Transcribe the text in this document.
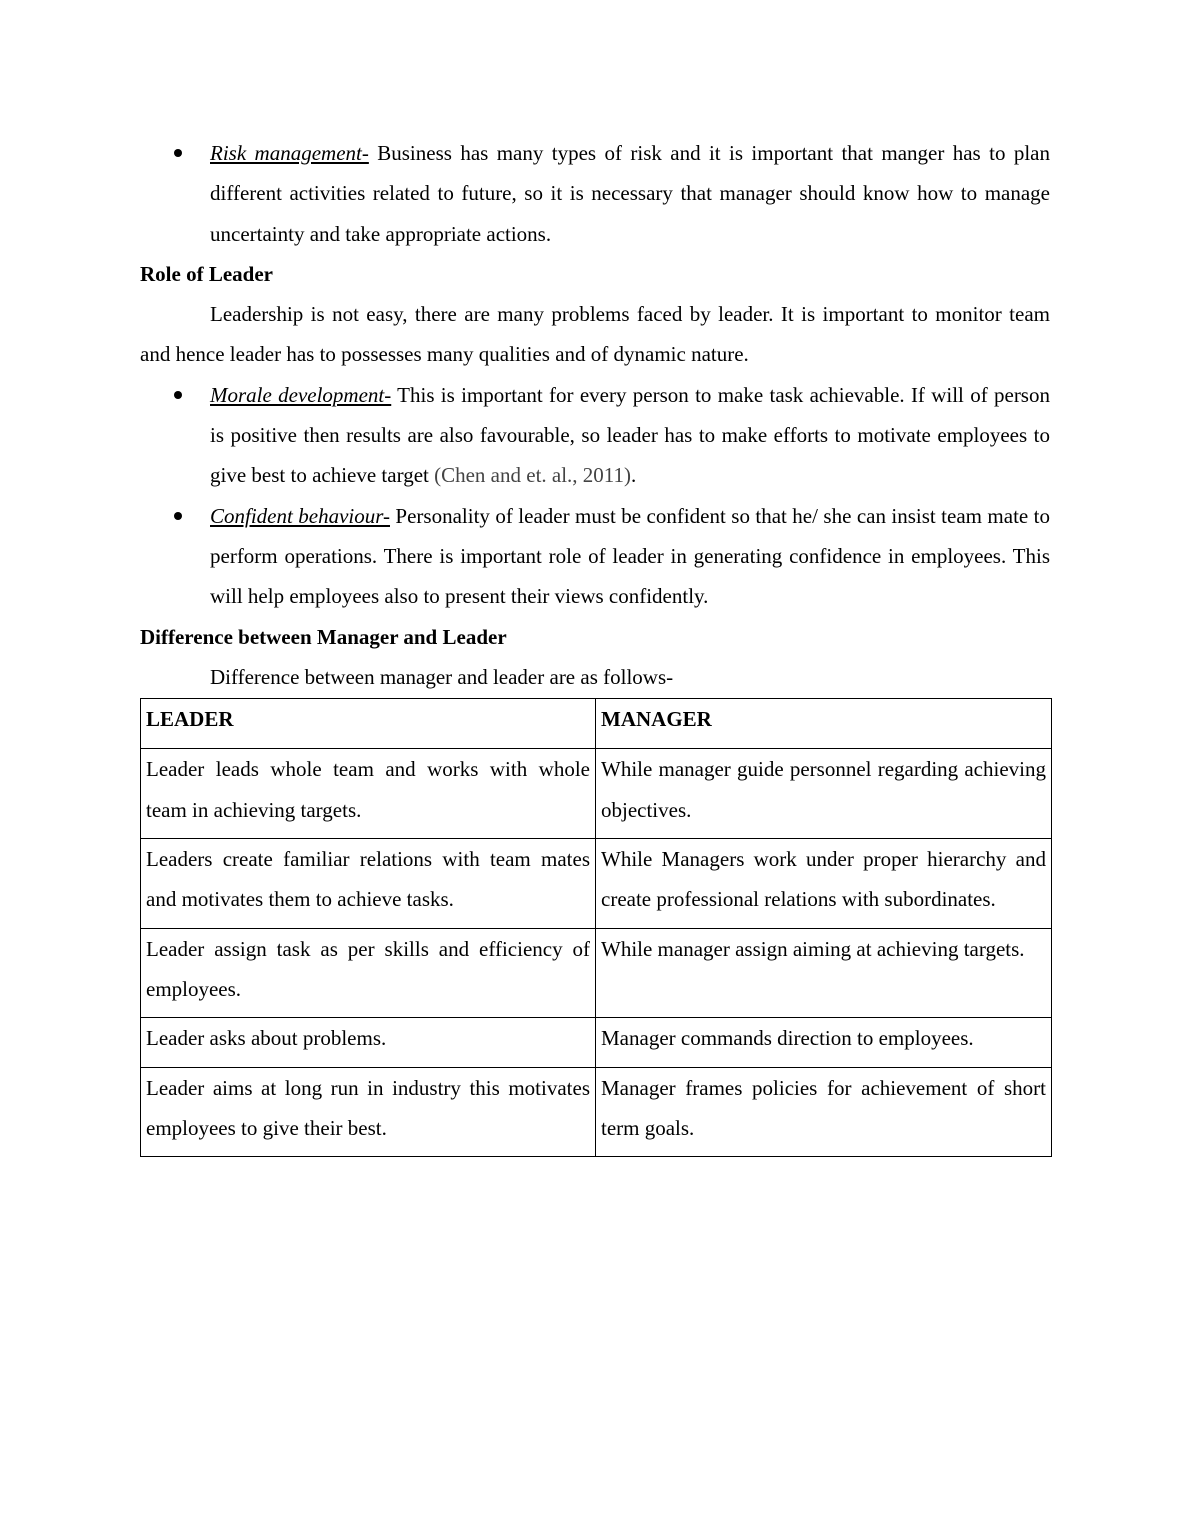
Risk management- Business has many types of risk and it is important that manger has to plan different activities related to future, so it is necessary that manager should know how to manage uncertainty and take appropriate actions.
Role of Leader
Leadership is not easy, there are many problems faced by leader. It is important to monitor team and hence leader has to possesses many qualities and of dynamic nature.
Morale development- This is important for every person to make task achievable. If will of person is positive then results are also favourable, so leader has to make efforts to motivate employees to give best to achieve target (Chen and et. al., 2011).
Confident behaviour- Personality of leader must be confident so that he/ she can insist team mate to perform operations. There is important role of leader in generating confidence in employees. This will help employees also to present their views confidently.
Difference between Manager and Leader
Difference between manager and leader are as follows-
LEADER	MANAGER
Leader leads whole team and works with whole team in achieving targets.	While manager guide personnel regarding achieving objectives.
Leaders create familiar relations with team mates and motivates them to achieve tasks.	While Managers work under proper hierarchy and create professional relations with subordinates.
Leader assign task as per skills and efficiency of employees.	While manager assign aiming at achieving targets.
Leader asks about problems.	Manager commands direction to employees.
Leader aims at long run in industry this motivates employees to give their best.	Manager frames policies for achievement of short term goals.
